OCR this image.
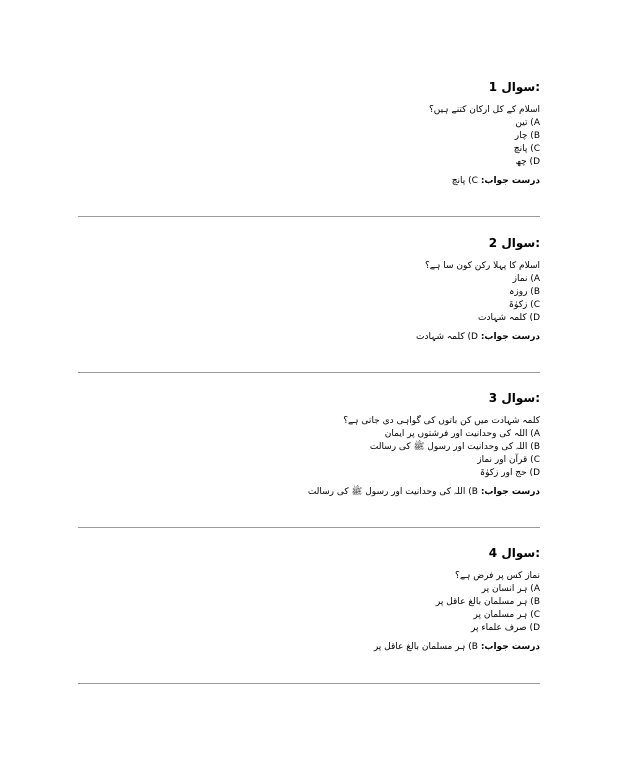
سوال 1:
اسلام کے کل ارکان کتنے ہیں؟
A) تین
B) چار
C) پانچ
D) چھ
درست جواب: C) پانچ
سوال 2:
اسلام کا پہلا رکن کون سا ہے؟
A) نماز
B) روزہ
C) زکوٰۃ
D) کلمہ شہادت
درست جواب: D) کلمہ شہادت
سوال 3:
کلمہ شہادت میں کن باتوں کی گواہی دی جاتی ہے؟
A) اللہ کی وحدانیت اور فرشتوں پر ایمان
B) اللہ کی وحدانیت اور رسول ﷺ کی رسالت
C) قرآن اور نماز
D) حج اور زکوٰۃ
درست جواب: B) اللہ کی وحدانیت اور رسول ﷺ کی رسالت
سوال 4:
نماز کس پر فرض ہے؟
A) ہر انسان پر
B) ہر مسلمان بالغ عاقل پر
C) ہر مسلمان پر
D) صرف علماء پر
درست جواب: B) ہر مسلمان بالغ عاقل پر
